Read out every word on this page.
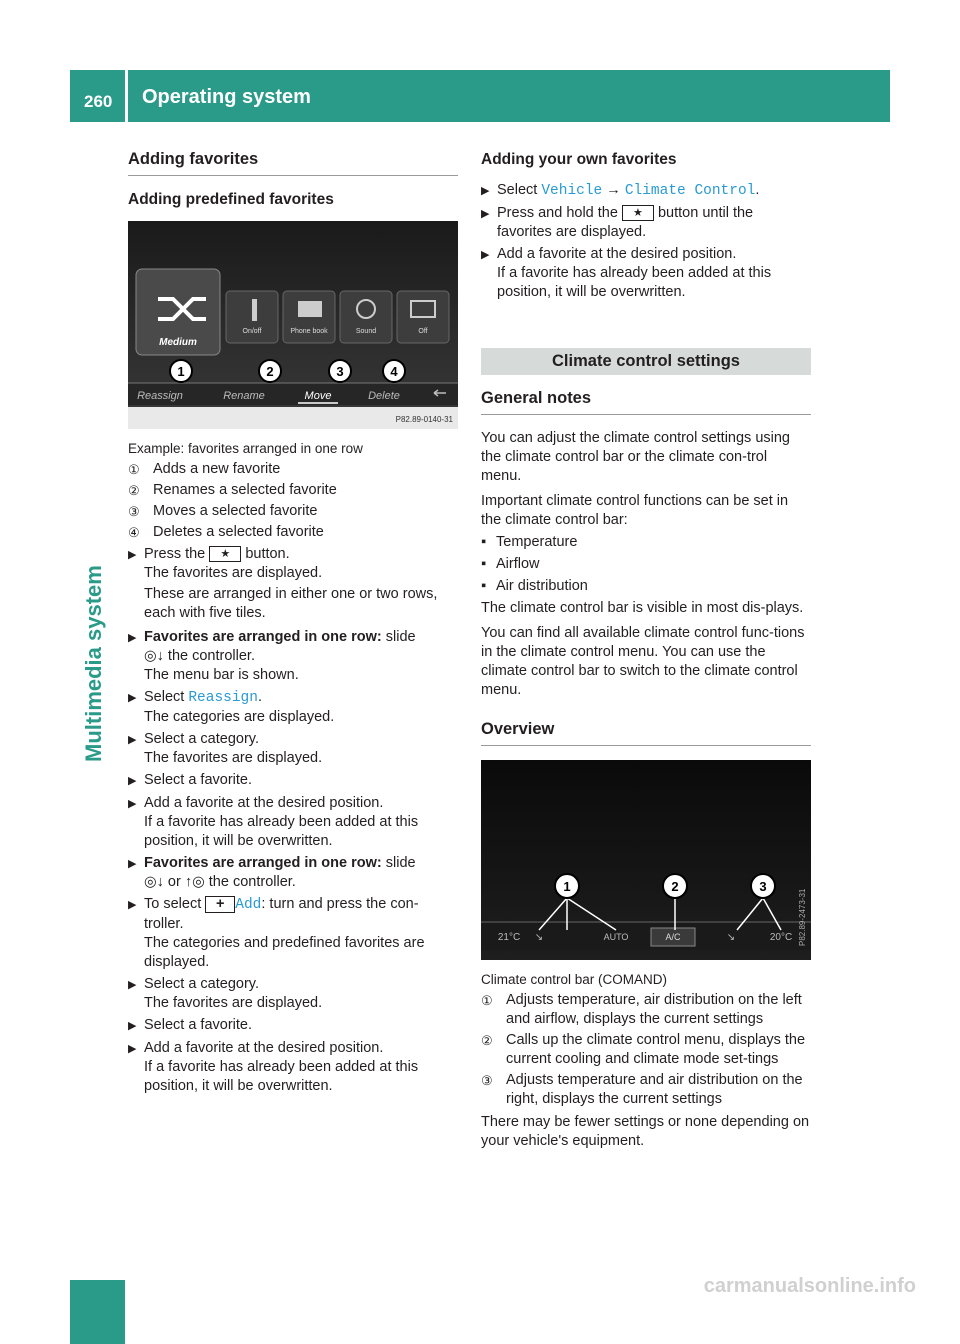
260 Operating system
Multimedia system
Adding favorites
Adding predefined favorites
On/off	Phone book	Sound	Off
Medium
Reassign	Rename	Move	Delete
1	2	3	4
P82.89-0140-31

Example: favorites arranged in one row

① Adds a new favorite
② Renames a selected favorite
③ Moves a selected favorite
④ Deletes a selected favorite
▶ Press the ★ button.
The favorites are displayed.

These are arranged in either one or two rows, each with five tiles.

▶ Favorites are arranged in one row: slide
◎↓ the controller.
The menu bar is shown.
▶ Select Reassign.
The categories are displayed.
▶ Select a category.
The favorites are displayed.
▶ Select a favorite.
▶ Add a favorite at the desired position.
If a favorite has already been added at this position, it will be overwritten.
▶ Favorites are arranged in one row: slide
◎↓ or ↑◎ the controller.
▶ To select + Add: turn and press the con-troller.
The categories and predefined favorites are displayed.
▶ Select a category.
The favorites are displayed.
▶ Select a favorite.
▶ Add a favorite at the desired position.
If a favorite has already been added at this position, it will be overwritten.
Adding your own favorites
▶ Select Vehicle → Climate Control.
▶ Press and hold the ★ button until the favorites are displayed.
▶ Add a favorite at the desired position.
If a favorite has already been added at this position, it will be overwritten.
Climate control settings
General notes

You can adjust the climate control settings using the climate control bar or the climate con-trol menu.

Important climate control functions can be set in the climate control bar:

▪ Temperature
▪ Airflow
▪ Air distribution

The climate control bar is visible in most dis-plays.

You can find all available climate control func-tions in the climate control menu. You can use the climate control bar to switch to the climate control menu.

Overview
21°C ↘	AUTO	A/C	↘	20°C
1	2	3
P82.89-2473-31

Climate control bar (COMAND)

① Adjusts temperature, air distribution on the left and airflow, displays the current settings
② Calls up the climate control menu, displays the current cooling and climate mode set-tings
③ Adjusts temperature and air distribution on the right, displays the current settings

There may be fewer settings or none depending on your vehicle's equipment.

carmanualsonline.info
